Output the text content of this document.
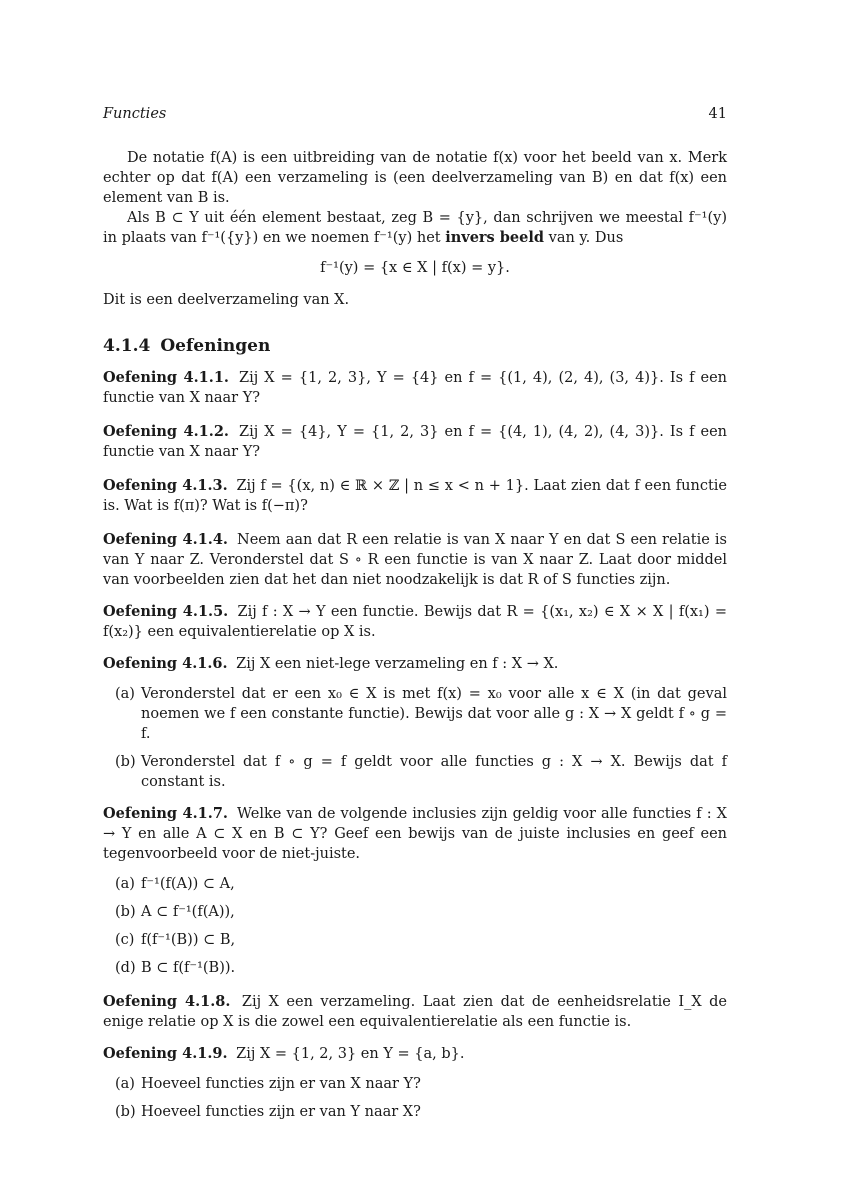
Functies	41

De notatie f(A) is een uitbreiding van de notatie f(x) voor het beeld van x. Merk echter op dat f(A) een verzameling is (een deelverzameling van B) en dat f(x) een element van B is.

Als B ⊂ Y uit één element bestaat, zeg B = {y}, dan schrijven we meestal f⁻¹(y) in plaats van f⁻¹({y}) en we noemen f⁻¹(y) het invers beeld van y. Dus

f⁻¹(y) = {x ∈ X | f(x) = y}.

Dit is een deelverzameling van X.

4.1.4 Oefeningen

Oefening 4.1.1. Zij X = {1, 2, 3}, Y = {4} en f = {(1, 4), (2, 4), (3, 4)}. Is f een functie van X naar Y?

Oefening 4.1.2. Zij X = {4}, Y = {1, 2, 3} en f = {(4, 1), (4, 2), (4, 3)}. Is f een functie van X naar Y?

Oefening 4.1.3. Zij f = {(x, n) ∈ ℝ × ℤ | n ≤ x < n + 1}. Laat zien dat f een functie is. Wat is f(π)? Wat is f(−π)?

Oefening 4.1.4. Neem aan dat R een relatie is van X naar Y en dat S een relatie is van Y naar Z. Veronderstel dat S ∘ R een functie is van X naar Z. Laat door middel van voorbeelden zien dat het dan niet noodzakelijk is dat R of S functies zijn.

Oefening 4.1.5. Zij f : X → Y een functie. Bewijs dat R = {(x₁, x₂) ∈ X × X | f(x₁) = f(x₂)} een equivalentierelatie op X is.

Oefening 4.1.6. Zij X een niet-lege verzameling en f : X → X.

(a) Veronderstel dat er een x₀ ∈ X is met f(x) = x₀ voor alle x ∈ X (in dat geval noemen we f een constante functie). Bewijs dat voor alle g : X → X geldt f ∘ g = f.
(b) Veronderstel dat f ∘ g = f geldt voor alle functies g : X → X. Bewijs dat f constant is.

Oefening 4.1.7. Welke van de volgende inclusies zijn geldig voor alle functies f : X → Y en alle A ⊂ X en B ⊂ Y? Geef een bewijs van de juiste inclusies en geef een tegenvoorbeeld voor de niet-juiste.

(a) f⁻¹(f(A)) ⊂ A,
(b) A ⊂ f⁻¹(f(A)),
(c) f(f⁻¹(B)) ⊂ B,
(d) B ⊂ f(f⁻¹(B)).

Oefening 4.1.8. Zij X een verzameling. Laat zien dat de eenheidsrelatie I_X de enige relatie op X is die zowel een equivalentierelatie als een functie is.

Oefening 4.1.9. Zij X = {1, 2, 3} en Y = {a, b}.

(a) Hoeveel functies zijn er van X naar Y?
(b) Hoeveel functies zijn er van Y naar X?
